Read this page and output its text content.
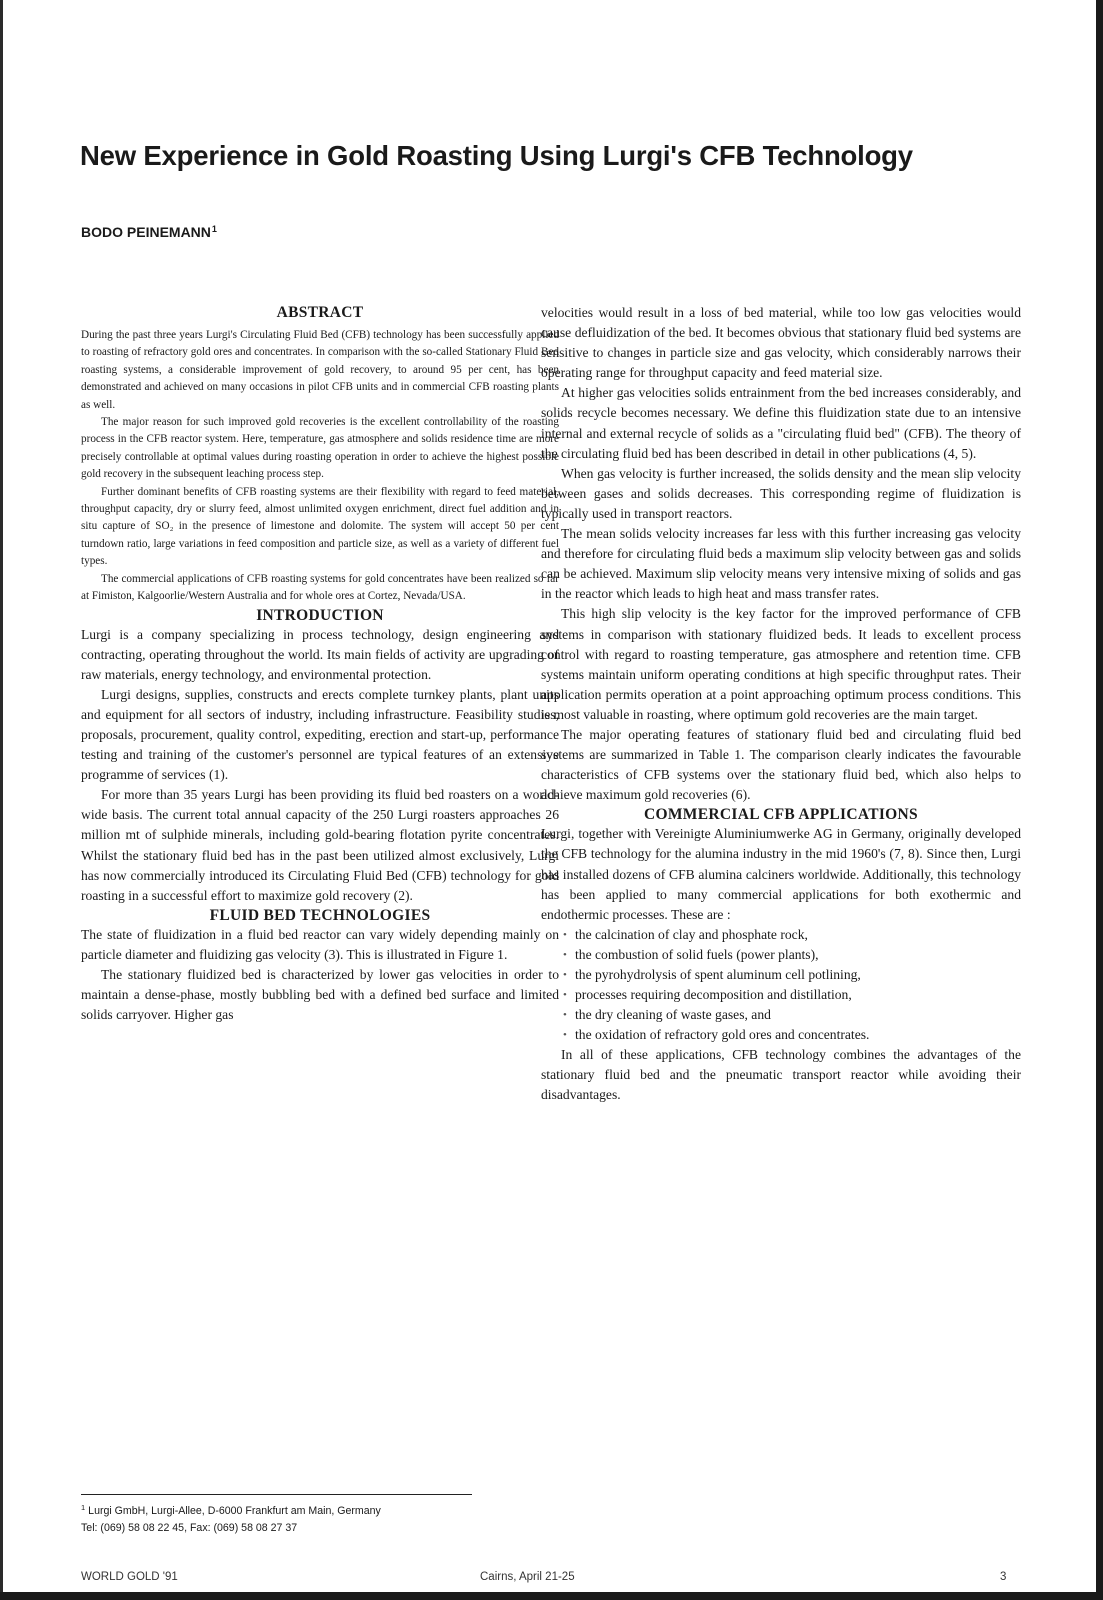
New Experience in Gold Roasting Using Lurgi's CFB Technology
BODO PEINEMANN$^1$
ABSTRACT

During the past three years Lurgi's Circulating Fluid Bed (CFB) technology has been successfully applied to roasting of refractory gold ores and concentrates. In comparison with the so-called Stationary Fluid Bed roasting systems, a considerable improvement of gold recovery, to around 95 per cent, has been demonstrated and achieved on many occasions in pilot CFB units and in commercial CFB roasting plants as well.

The major reason for such improved gold recoveries is the excellent controllability of the roasting process in the CFB reactor system. Here, temperature, gas atmosphere and solids residence time are more precisely controllable at optimal values during roasting operation in order to achieve the highest possible gold recovery in the subsequent leaching process step.

Further dominant benefits of CFB roasting systems are their flexibility with regard to feed material, throughput capacity, dry or slurry feed, almost unlimited oxygen enrichment, direct fuel addition and in situ capture of SO₂ in the presence of limestone and dolomite. The system will accept 50 per cent turndown ratio, large variations in feed composition and particle size, as well as a variety of different fuel types.

The commercial applications of CFB roasting systems for gold concentrates have been realized so far at Fimiston, Kalgoorlie/Western Australia and for whole ores at Cortez, Nevada/USA.

INTRODUCTION

Lurgi is a company specializing in process technology, design engineering and contracting, operating throughout the world. Its main fields of activity are upgrading of raw materials, energy technology, and environmental protection.

Lurgi designs, supplies, constructs and erects complete turnkey plants, plant units and equipment for all sectors of industry, including infrastructure. Feasibility studies, proposals, procurement, quality control, expediting, erection and start-up, performance testing and training of the customer's personnel are typical features of an extensive programme of services (1).

For more than 35 years Lurgi has been providing its fluid bed roasters on a world-wide basis. The current total annual capacity of the 250 Lurgi roasters approaches 26 million mt of sulphide minerals, including gold-bearing flotation pyrite concentrates. Whilst the stationary fluid bed has in the past been utilized almost exclusively, Lurgi has now commercially introduced its Circulating Fluid Bed (CFB) technology for gold roasting in a successful effort to maximize gold recovery (2).

FLUID BED TECHNOLOGIES

The state of fluidization in a fluid bed reactor can vary widely depending mainly on particle diameter and fluidizing gas velocity (3). This is illustrated in Figure 1.

The stationary fluidized bed is characterized by lower gas velocities in order to maintain a dense-phase, mostly bubbling bed with a defined bed surface and limited solids carryover. Higher gas

velocities would result in a loss of bed material, while too low gas velocities would cause defluidization of the bed. It becomes obvious that stationary fluid bed systems are sensitive to changes in particle size and gas velocity, which considerably narrows their operating range for throughput capacity and feed material size.

At higher gas velocities solids entrainment from the bed increases considerably, and solids recycle becomes necessary. We define this fluidization state due to an intensive internal and external recycle of solids as a "circulating fluid bed" (CFB). The theory of the circulating fluid bed has been described in detail in other publications (4, 5).

When gas velocity is further increased, the solids density and the mean slip velocity between gases and solids decreases. This corresponding regime of fluidization is typically used in transport reactors.

The mean solids velocity increases far less with this further increasing gas velocity and therefore for circulating fluid beds a maximum slip velocity between gas and solids can be achieved. Maximum slip velocity means very intensive mixing of solids and gas in the reactor which leads to high heat and mass transfer rates.

This high slip velocity is the key factor for the improved performance of CFB systems in comparison with stationary fluidized beds. It leads to excellent process control with regard to roasting temperature, gas atmosphere and retention time. CFB systems maintain uniform operating conditions at high specific throughput rates. Their application permits operation at a point approaching optimum process conditions. This is most valuable in roasting, where optimum gold recoveries are the main target.

The major operating features of stationary fluid bed and circulating fluid bed systems are summarized in Table 1. The comparison clearly indicates the favourable characteristics of CFB systems over the stationary fluid bed, which also helps to achieve maximum gold recoveries (6).

COMMERCIAL CFB APPLICATIONS

Lurgi, together with Vereinigte Aluminiumwerke AG in Germany, originally developed the CFB technology for the alumina industry in the mid 1960's (7, 8). Since then, Lurgi has installed dozens of CFB alumina calciners worldwide. Additionally, this technology has been applied to many commercial applications for both exothermic and endothermic processes. These are :

• the calcination of clay and phosphate rock,
• the combustion of solid fuels (power plants),
• the pyrohydrolysis of spent aluminum cell potlining,
• processes requiring decomposition and distillation,
• the dry cleaning of waste gases, and
• the oxidation of refractory gold ores and concentrates.

In all of these applications, CFB technology combines the advantages of the stationary fluid bed and the pneumatic transport reactor while avoiding their disadvantages.

$^1$ Lurgi GmbH, Lurgi-Allee, D-6000 Frankfurt am Main, Germany
Tel: (069) 58 08 22 45, Fax: (069) 58 08 27 37
WORLD GOLD '91	Cairns, April 21-25	3
